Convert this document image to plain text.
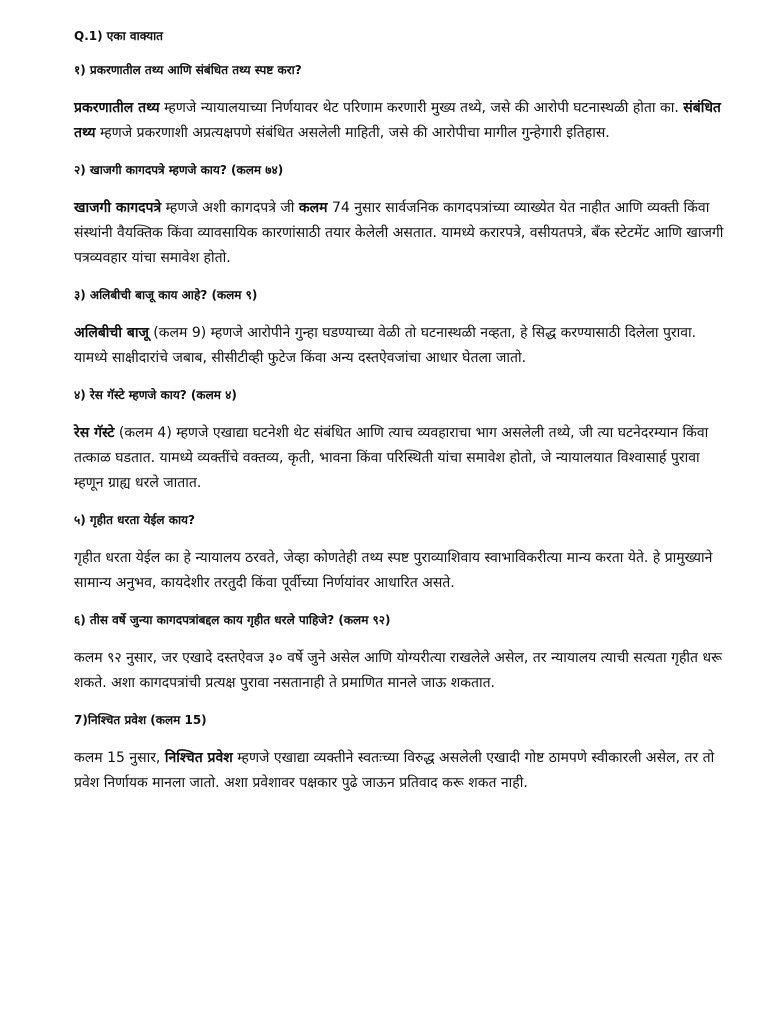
Q.1) एका वाक्यात

१) प्रकरणातील तथ्य आणि संबंधित तथ्य स्पष्ट करा?

प्रकरणातील तथ्य म्हणजे न्यायालयाच्या निर्णयावर थेट परिणाम करणारी मुख्य तथ्ये, जसे की आरोपी घटनास्थळी होता का. संबंधित तथ्य म्हणजे प्रकरणाशी अप्रत्यक्षपणे संबंधित असलेली माहिती, जसे की आरोपीचा मागील गुन्हेगारी इतिहास.

२) खाजगी कागदपत्रे म्हणजे काय? (कलम ७४)

खाजगी कागदपत्रे म्हणजे अशी कागदपत्रे जी कलम 74 नुसार सार्वजनिक कागदपत्रांच्या व्याख्येत येत नाहीत आणि व्यक्ती किंवा संस्थांनी वैयक्तिक किंवा व्यावसायिक कारणांसाठी तयार केलेली असतात. यामध्ये करारपत्रे, वसीयतपत्रे, बँक स्टेटमेंट आणि खाजगी पत्रव्यवहार यांचा समावेश होतो.

३) अलिबीची बाजू काय आहे? (कलम ९)

अलिबीची बाजू (कलम 9) म्हणजे आरोपीने गुन्हा घडण्याच्या वेळी तो घटनास्थळी नव्हता, हे सिद्ध करण्यासाठी दिलेला पुरावा. यामध्ये साक्षीदारांचे जबाब, सीसीटीव्ही फुटेज किंवा अन्य दस्तऐवजांचा आधार घेतला जातो.

४) रेस गॅस्टे म्हणजे काय? (कलम ४)

रेस गॅस्टे (कलम 4) म्हणजे एखाद्या घटनेशी थेट संबंधित आणि त्याच व्यवहाराचा भाग असलेली तथ्ये, जी त्या घटनेदरम्यान किंवा तत्काळ घडतात. यामध्ये व्यक्तींचे वक्तव्य, कृती, भावना किंवा परिस्थिती यांचा समावेश होतो, जे न्यायालयात विश्वासार्ह पुरावा म्हणून ग्राह्य धरले जातात.

५) गृहीत धरता येईल काय?

गृहीत धरता येईल का हे न्यायालय ठरवते, जेव्हा कोणतेही तथ्य स्पष्ट पुराव्याशिवाय स्वाभाविकरीत्या मान्य करता येते. हे प्रामुख्याने सामान्य अनुभव, कायदेशीर तरतुदी किंवा पूर्वीच्या निर्णयांवर आधारित असते.

६) तीस वर्षे जुन्या कागदपत्रांबद्दल काय गृहीत धरले पाहिजे? (कलम ९२)

कलम ९२ नुसार, जर एखादे दस्तऐवज ३० वर्षे जुने असेल आणि योग्यरीत्या राखलेले असेल, तर न्यायालय त्याची सत्यता गृहीत धरू शकते. अशा कागदपत्रांची प्रत्यक्ष पुरावा नसतानाही ते प्रमाणित मानले जाऊ शकतात.

7)निश्चित प्रवेश (कलम 15)

कलम 15 नुसार, निश्चित प्रवेश म्हणजे एखाद्या व्यक्तीने स्वतःच्या विरुद्ध असलेली एखादी गोष्ट ठामपणे स्वीकारली असेल, तर तो प्रवेश निर्णायक मानला जातो. अशा प्रवेशावर पक्षकार पुढे जाऊन प्रतिवाद करू शकत नाही.
